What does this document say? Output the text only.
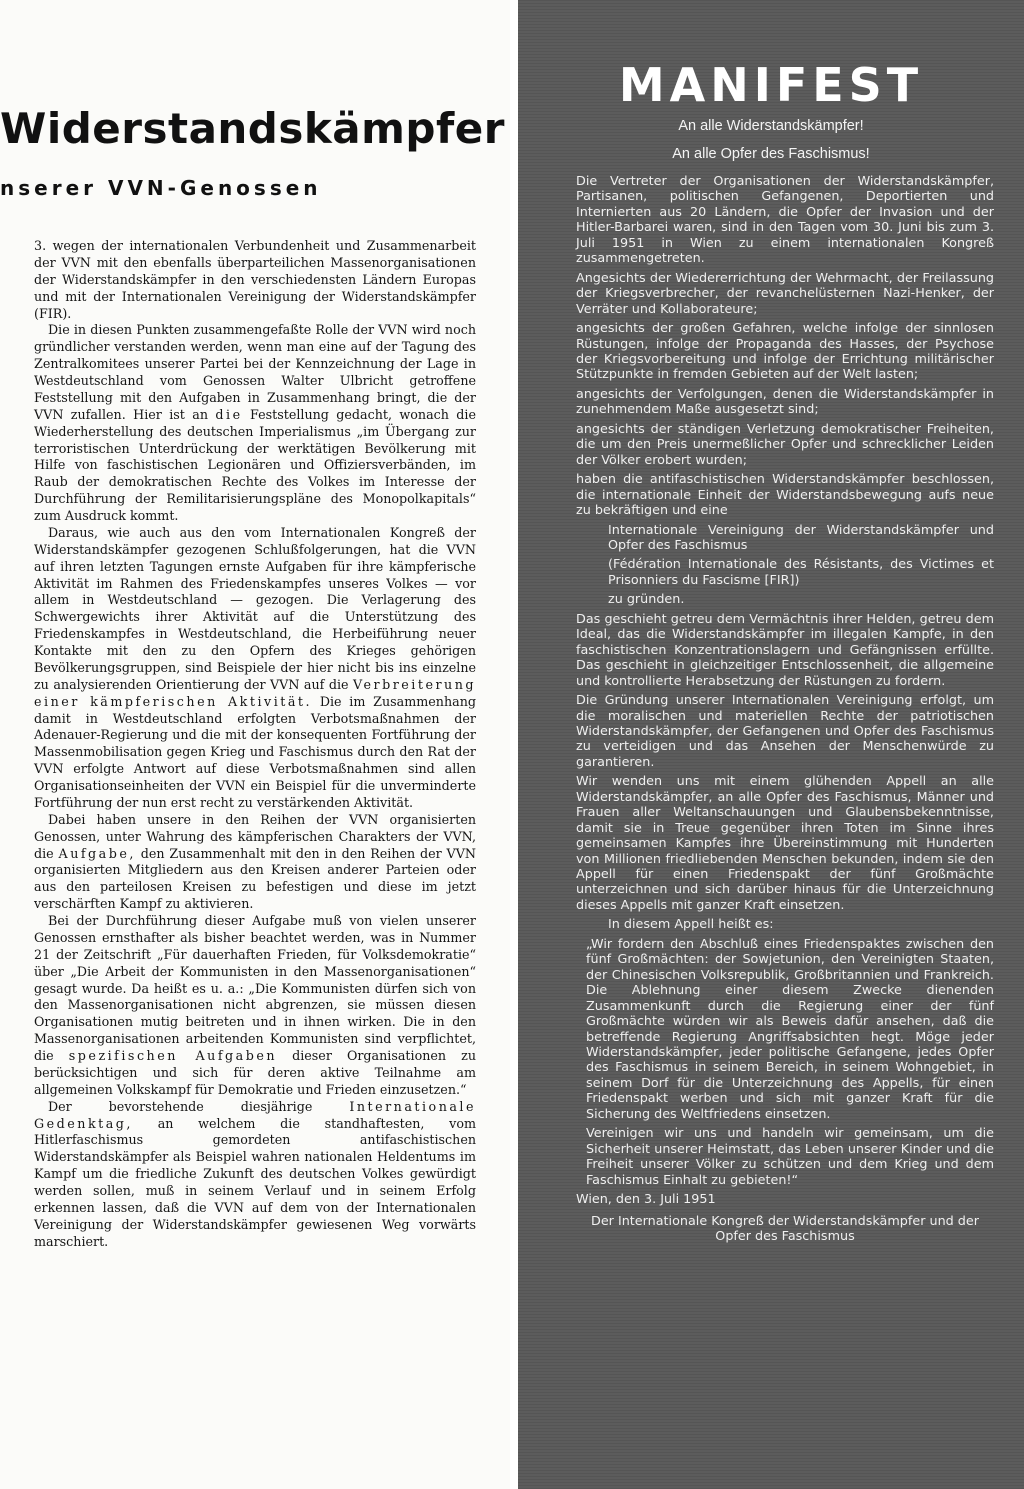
Widerstandskämpfer
nserer VVN-Genossen

3. wegen der internationalen Verbundenheit und Zusammenarbeit der VVN mit den ebenfalls überparteilichen Massenorganisationen der Widerstandskämpfer in den verschiedensten Ländern Europas und mit der Internationalen Vereinigung der Widerstandskämpfer (FIR).

Die in diesen Punkten zusammengefaßte Rolle der VVN wird noch gründlicher verstanden werden, wenn man eine auf der Tagung des Zentralkomitees unserer Partei bei der Kennzeichnung der Lage in Westdeutschland vom Genossen Walter Ulbricht getroffene Feststellung mit den Aufgaben in Zusammenhang bringt, die der VVN zufallen. Hier ist an die Feststellung gedacht, wonach die Wiederherstellung des deutschen Imperialismus „im Übergang zur terroristischen Unterdrückung der werktätigen Bevölkerung mit Hilfe von faschistischen Legionären und Offiziersverbänden, im Raub der demokratischen Rechte des Volkes im Interesse der Durchführung der Remilitarisierungspläne des Monopolkapitals“ zum Ausdruck kommt.

Daraus, wie auch aus den vom Internationalen Kongreß der Widerstandskämpfer gezogenen Schlußfolgerungen, hat die VVN auf ihren letzten Tagungen ernste Aufgaben für ihre kämpferische Aktivität im Rahmen des Friedenskampfes unseres Volkes — vor allem in Westdeutschland — gezogen. Die Verlagerung des Schwergewichts ihrer Aktivität auf die Unterstützung des Friedenskampfes in Westdeutschland, die Herbeiführung neuer Kontakte mit den zu den Opfern des Krieges gehörigen Bevölkerungsgruppen, sind Beispiele der hier nicht bis ins einzelne zu analysierenden Orientierung der VVN auf die Verbreiterung einer kämpferischen Aktivität. Die im Zusammenhang damit in Westdeutschland erfolgten Verbotsmaßnahmen der Adenauer-Regierung und die mit der konsequenten Fortführung der Massenmobilisation gegen Krieg und Faschismus durch den Rat der VVN erfolgte Antwort auf diese Verbotsmaßnahmen sind allen Organisationseinheiten der VVN ein Beispiel für die unverminderte Fortführung der nun erst recht zu verstärkenden Aktivität.

Dabei haben unsere in den Reihen der VVN organisierten Genossen, unter Wahrung des kämpferischen Charakters der VVN, die Aufgabe, den Zusammenhalt mit den in den Reihen der VVN organisierten Mitgliedern aus den Kreisen anderer Parteien oder aus den parteilosen Kreisen zu befestigen und diese im jetzt verschärften Kampf zu aktivieren.

Bei der Durchführung dieser Aufgabe muß von vielen unserer Genossen ernsthafter als bisher beachtet werden, was in Nummer 21 der Zeitschrift „Für dauerhaften Frieden, für Volksdemokratie“ über „Die Arbeit der Kommunisten in den Massenorganisationen“ gesagt wurde. Da heißt es u. a.: „Die Kommunisten dürfen sich von den Massenorganisationen nicht abgrenzen, sie müssen diesen Organisationen mutig beitreten und in ihnen wirken. Die in den Massenorganisationen arbeitenden Kommunisten sind verpflichtet, die spezifischen Aufgaben dieser Organisationen zu berücksichtigen und sich für deren aktive Teilnahme am allgemeinen Volkskampf für Demokratie und Frieden einzusetzen.“

Der bevorstehende diesjährige	Internationale Gedenktag, an welchem die standhaftesten, vom Hitlerfaschismus gemordeten antifaschistischen Widerstandskämpfer als Beispiel wahren nationalen Heldentums im Kampf um die friedliche Zukunft des deutschen Volkes gewürdigt werden sollen, muß in seinem Verlauf und in seinem Erfolg erkennen lassen, daß die VVN auf dem von der Internationalen Vereinigung der Widerstandskämpfer gewiesenen Weg vorwärts marschiert.

MANIFEST
An alle Widerstandskämpfer!
An alle Opfer des Faschismus!

Die Vertreter der Organisationen der Widerstandskämpfer, Partisanen, politischen Gefangenen, Deportierten und Internierten aus 20 Ländern, die Opfer der Invasion und der Hitler-Barbarei waren, sind in den Tagen vom 30. Juni bis zum 3. Juli 1951 in Wien zu einem internationalen Kongreß zusammengetreten.

Angesichts der Wiedererrichtung der Wehrmacht, der Freilassung der Kriegsverbrecher, der revanchelüsternen Nazi-Henker, der Verräter und Kollaborateure;

angesichts der großen Gefahren, welche infolge der sinnlosen Rüstungen, infolge der Propaganda des Hasses, der Psychose der Kriegsvorbereitung und infolge der Errichtung militärischer Stützpunkte in fremden Gebieten auf der Welt lasten;

angesichts der Verfolgungen, denen die Widerstandskämpfer in zunehmendem Maße ausgesetzt sind;

angesichts der ständigen Verletzung demokratischer Freiheiten, die um den Preis unermeßlicher Opfer und schrecklicher Leiden der Völker erobert wurden;

haben die antifaschistischen Widerstandskämpfer beschlossen, die internationale Einheit der Widerstandsbewegung aufs neue zu bekräftigen und eine

Internationale Vereinigung der Widerstandskämpfer und Opfer des Faschismus

(Fédération Internationale des Résistants, des Victimes et Prisonniers du Fascisme [FIR])

zu gründen.

Das geschieht getreu dem Vermächtnis ihrer Helden, getreu dem Ideal, das die Widerstandskämpfer im illegalen Kampfe, in den faschistischen Konzentrationslagern und Gefängnissen erfüllte. Das geschieht in gleichzeitiger Entschlossenheit, die allgemeine und kontrollierte Herabsetzung der Rüstungen zu fordern.

Die Gründung unserer Internationalen Vereinigung erfolgt, um die moralischen und materiellen Rechte der patriotischen Widerstandskämpfer, der Gefangenen und Opfer des Faschismus zu verteidigen und das Ansehen der Menschenwürde zu garantieren.

Wir wenden uns mit einem glühenden Appell an alle Widerstandskämpfer, an alle Opfer des Faschismus, Männer und Frauen aller Weltanschauungen und Glaubensbekenntnisse, damit sie in Treue gegenüber ihren Toten im Sinne ihres gemeinsamen Kampfes ihre Übereinstimmung mit Hunderten von Millionen friedliebenden Menschen bekunden, indem sie den Appell für einen Friedenspakt der fünf Großmächte unterzeichnen und sich darüber hinaus für die Unterzeichnung dieses Appells mit ganzer Kraft einsetzen.

In diesem Appell heißt es:

„Wir fordern den Abschluß eines Friedenspaktes zwischen den fünf Großmächten: der Sowjetunion, den Vereinigten Staaten, der Chinesischen Volksrepublik, Großbritannien und Frankreich. Die Ablehnung einer diesem Zwecke dienenden Zusammenkunft durch die Regierung einer der fünf Großmächte würden wir als Beweis dafür ansehen, daß die betreffende Regierung Angriffsabsichten hegt. Möge jeder Widerstandskämpfer, jeder politische Gefangene, jedes Opfer des Faschismus in seinem Bereich, in seinem Wohngebiet, in seinem Dorf für die Unterzeichnung des Appells, für einen Friedenspakt werben und sich mit ganzer Kraft für die Sicherung des Weltfriedens einsetzen.

Vereinigen wir uns und handeln wir gemeinsam, um die Sicherheit unserer Heimstatt, das Leben unserer Kinder und die Freiheit unserer Völker zu schützen und dem Krieg und dem Faschismus Einhalt zu gebieten!“

Wien, den 3. Juli 1951

Der Internationale Kongreß der Widerstandskämpfer und der Opfer des Faschismus
